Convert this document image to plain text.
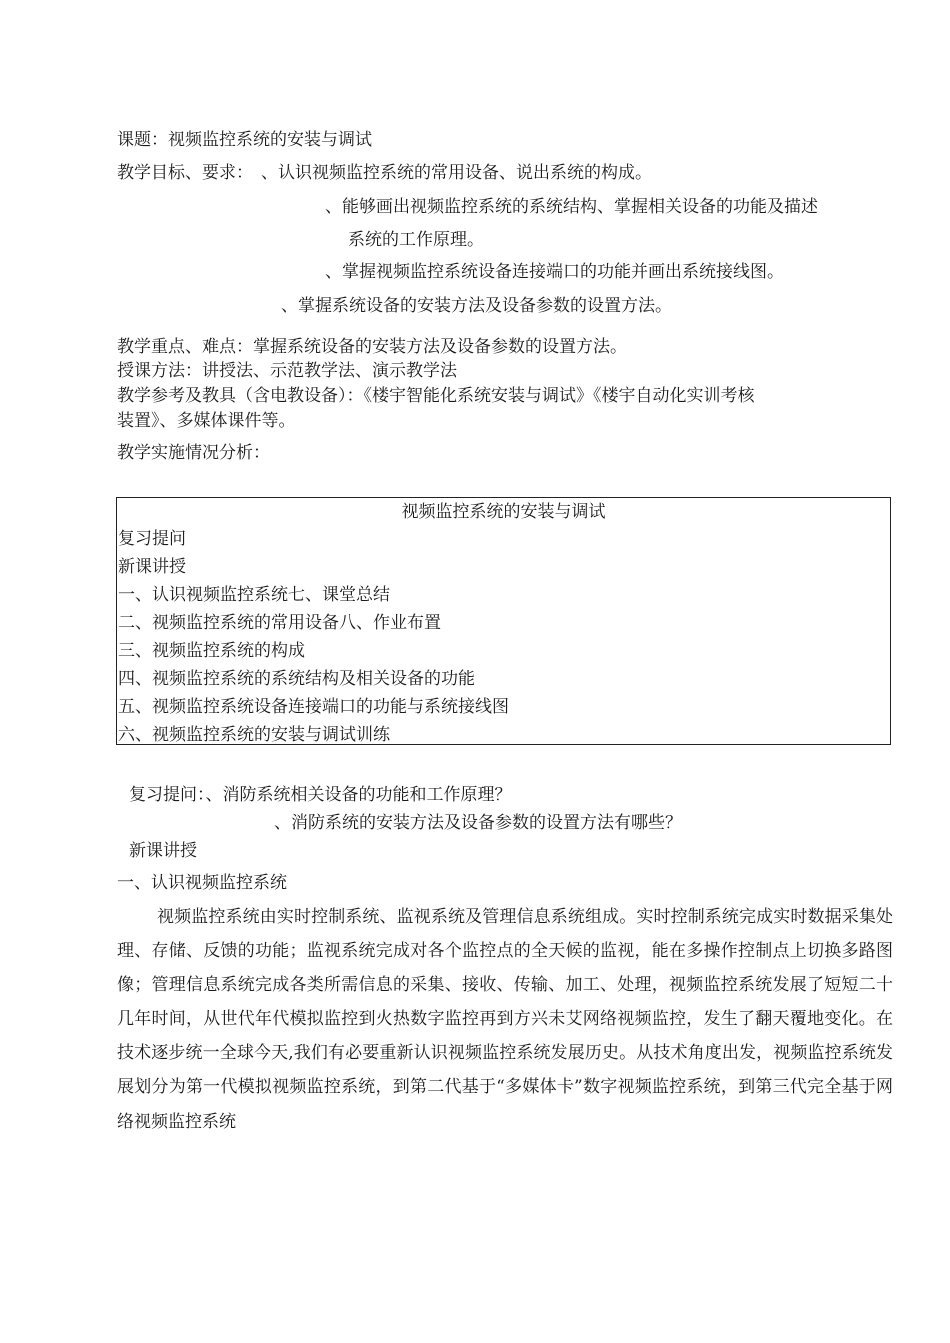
课题：视频监控系统的安装与调试
教学目标、要求： 、认识视频监控系统的常用设备、说出系统的构成。
、能够画出视频监控系统的系统结构、掌握相关设备的功能及描述
系统的工作原理。
、掌握视频监控系统设备连接端口的功能并画出系统接线图。
、掌握系统设备的安装方法及设备参数的设置方法。
教学重点、难点：掌握系统设备的安装方法及设备参数的设置方法。
授课方法：讲授法、示范教学法、演示教学法
教学参考及教具（含电教设备）：《楼宇智能化系统安装与调试》《楼宇自动化实训考核
装置》、多媒体课件等。
教学实施情况分析：
视频监控系统的安装与调试
复习提问
新课讲授
一、认识视频监控系统七、课堂总结
二、视频监控系统的常用设备八、作业布置
三、视频监控系统的构成
四、视频监控系统的系统结构及相关设备的功能
五、视频监控系统设备连接端口的功能与系统接线图
六、视频监控系统的安装与调试训练
复习提问：、消防系统相关设备的功能和工作原理？
、消防系统的安装方法及设备参数的设置方法有哪些？
新课讲授
一、认识视频监控系统
视频监控系统由实时控制系统、监视系统及管理信息系统组成。实时控制系统完成实时数据采集处理、存储、反馈的功能；监视系统完成对各个监控点的全天候的监视，能在多操作控制点上切换多路图像；管理信息系统完成各类所需信息的采集、接收、传输、加工、处理，视频监控系统发展了短短二十几年时间，从世代年代模拟监控到火热数字监控再到方兴未艾网络视频监控，发生了翻天覆地变化。在技术逐步统一全球今天,我们有必要重新认识视频监控系统发展历史。从技术角度出发，视频监控系统发展划分为第一代模拟视频监控系统，到第二代基于“多媒体卡”数字视频监控系统，到第三代完全基于网络视频监控系统
